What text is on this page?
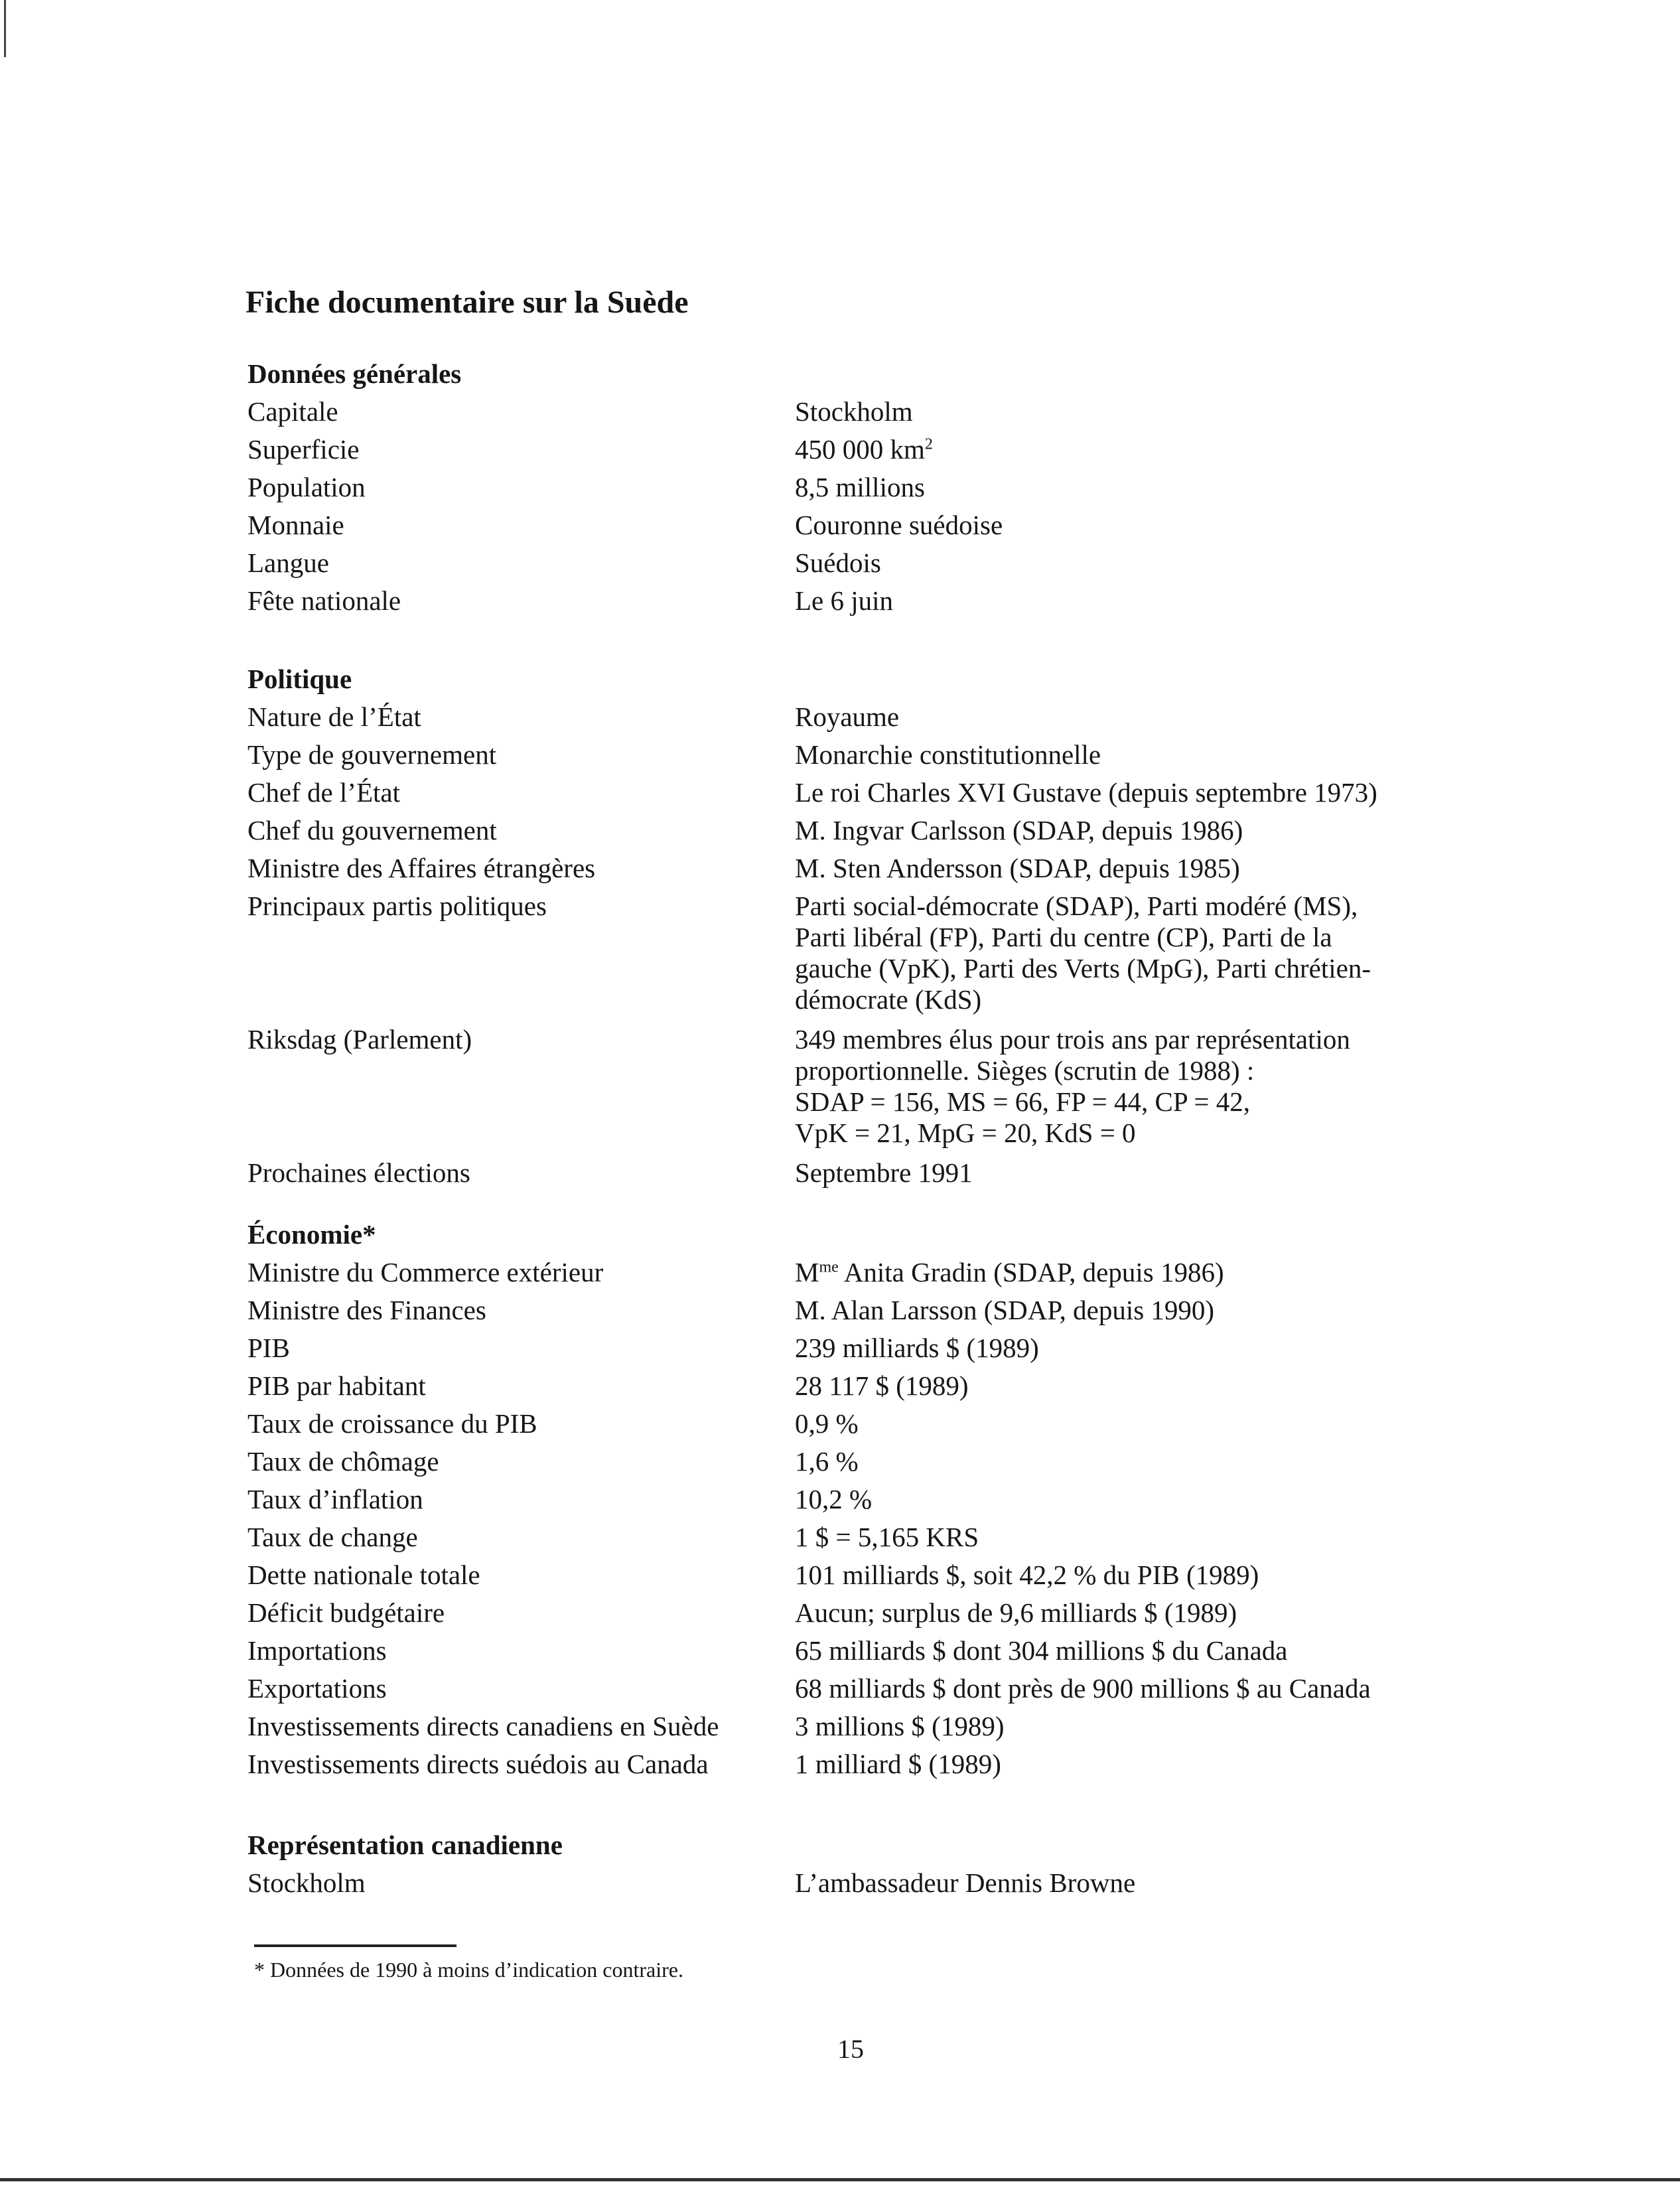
Fiche documentaire sur la Suède
Données générales
Capitale	Stockholm
Superficie	450 000 $km^2$
Population	8,5 millions
Monnaie	Couronne suédoise
Langue	Suédois
Fête nationale	Le 6 juin
Politique
Nature de l’État	Royaume
Type de gouvernement	Monarchie constitutionnelle
Chef de l’État	Le roi Charles XVI Gustave (depuis septembre 1973)
Chef du gouvernement	M. Ingvar Carlsson (SDAP, depuis 1986)
Ministre des Affaires étrangères	M. Sten Andersson (SDAP, depuis 1985)
Principaux partis politiques	Parti social-démocrate (SDAP), Parti modéré (MS),
Parti libéral (FP), Parti du centre (CP), Parti de la
gauche (VpK), Parti des Verts (MpG), Parti chrétien-
démocrate (KdS)
Riksdag (Parlement)	349 membres élus pour trois ans par représentation
proportionnelle. Sièges (scrutin de 1988) :
SDAP = 156, MS = 66, FP = 44, CP = 42,
VpK = 21, MpG = 20, KdS = 0
Prochaines élections	Septembre 1991
Économie*
Ministre du Commerce extérieur	$M^{me}$ Anita Gradin (SDAP, depuis 1986)
Ministre des Finances	M. Alan Larsson (SDAP, depuis 1990)
PIB	239 milliards $ (1989)
PIB par habitant	28 117 $ (1989)
Taux de croissance du PIB	0,9 %
Taux de chômage	1,6 %
Taux d’inflation	10,2 %
Taux de change	1 $ = 5,165 KRS
Dette nationale totale	101 milliards $, soit 42,2 % du PIB (1989)
Déficit budgétaire	Aucun; surplus de 9,6 milliards $ (1989)
Importations	65 milliards $ dont 304 millions $ du Canada
Exportations	68 milliards $ dont près de 900 millions $ au Canada
Investissements directs canadiens en Suède	3 millions $ (1989)
Investissements directs suédois au Canada	1 milliard $ (1989)
Représentation canadienne
Stockholm	L’ambassadeur Dennis Browne

* Données de 1990 à moins d’indication contraire.

15
